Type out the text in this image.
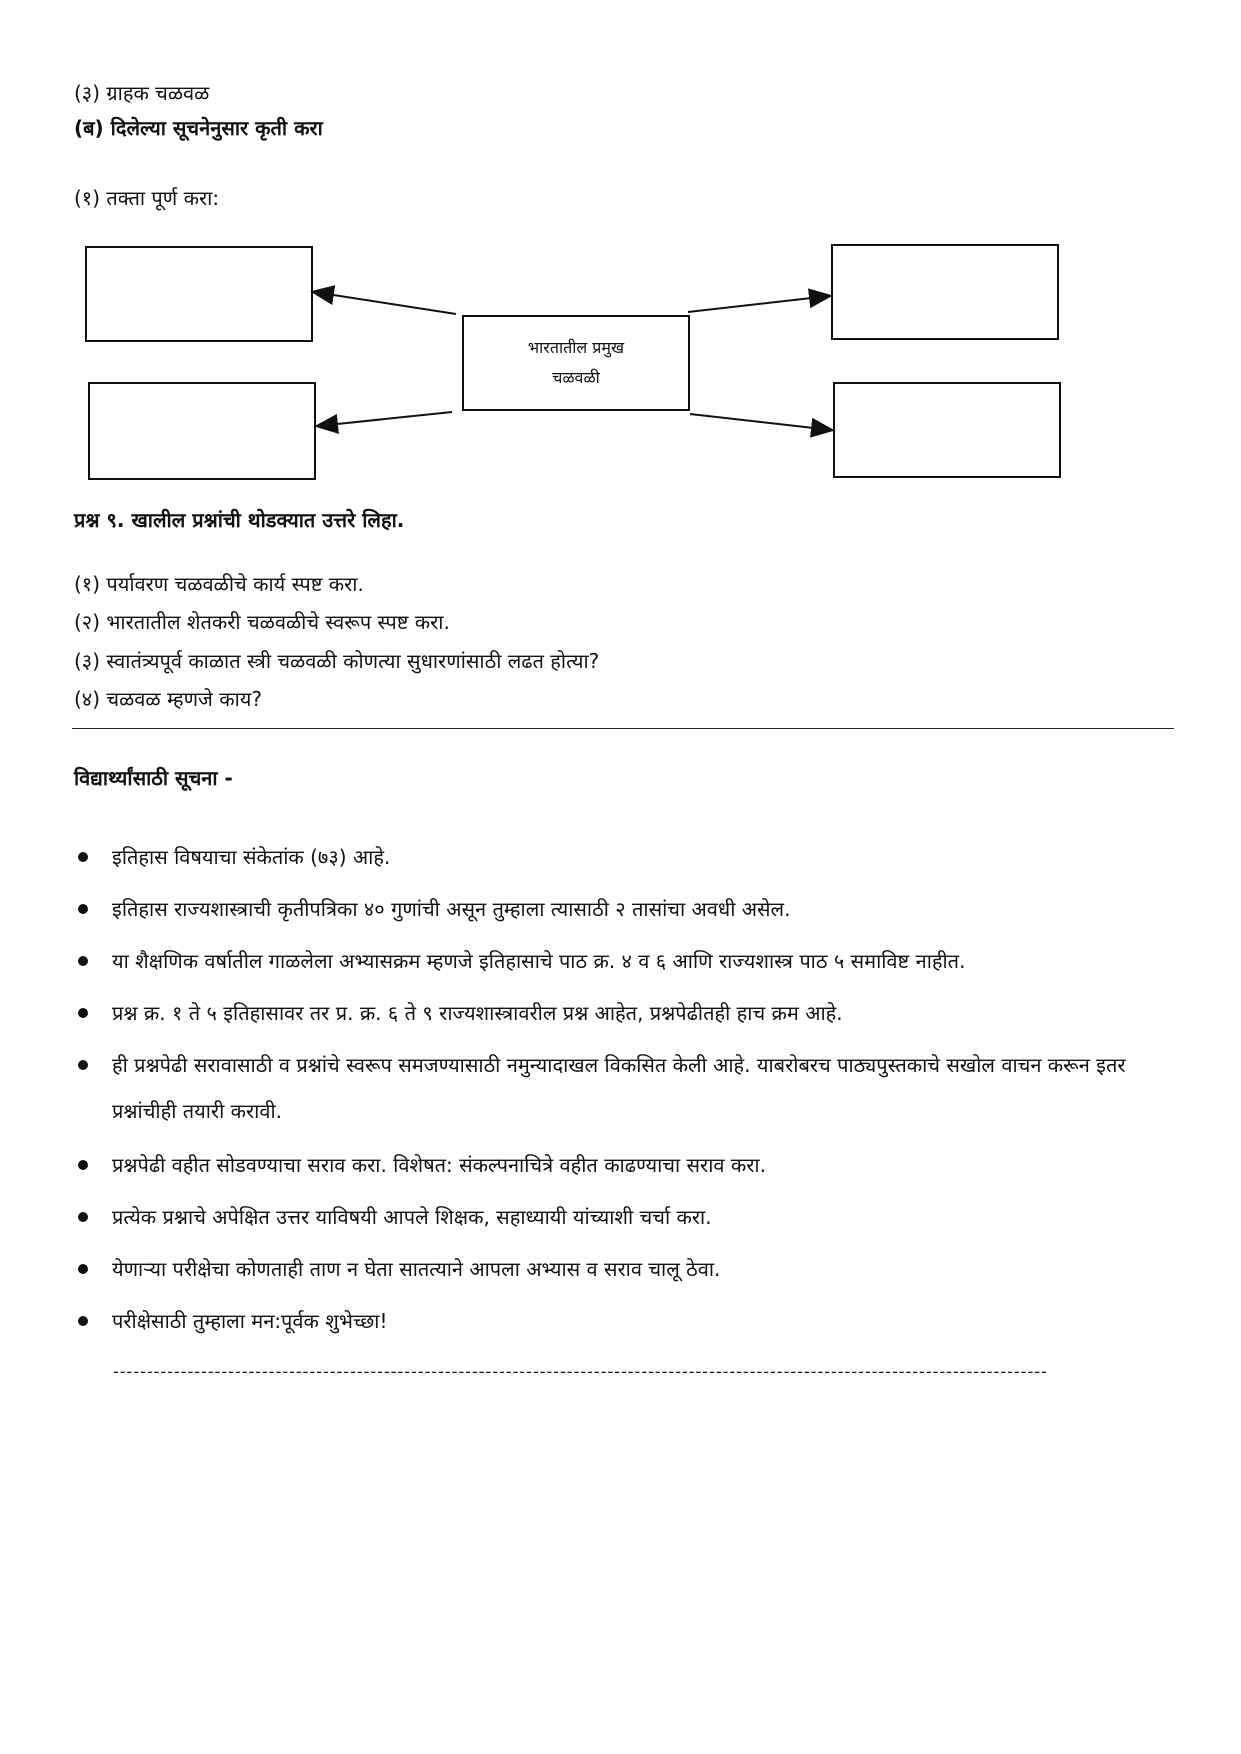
(३) ग्राहक चळवळ
(ब) दिलेल्या सूचनेनुसार कृती करा
(१) तक्ता पूर्ण करा:
भारतातील प्रमुख
चळवळी
प्रश्न ९. खालील प्रश्नांची थोडक्यात उत्तरे लिहा.
(१) पर्यावरण चळवळीचे कार्य स्पष्ट करा.
(२) भारतातील शेतकरी चळवळीचे स्वरूप स्पष्ट करा.
(३) स्वातंत्र्यपूर्व काळात स्त्री चळवळी कोणत्या सुधारणांसाठी लढत होत्या?
(४) चळवळ म्हणजे काय?
विद्यार्थ्यांसाठी सूचना -
इतिहास विषयाचा संकेतांक (७३) आहे.
इतिहास राज्यशास्त्राची कृतीपत्रिका ४० गुणांची असून तुम्हाला त्यासाठी २ तासांचा अवधी असेल.
या शैक्षणिक वर्षातील गाळलेला अभ्यासक्रम म्हणजे इतिहासाचे पाठ क्र. ४ व ६ आणि राज्यशास्त्र पाठ ५ समाविष्ट नाहीत.
प्रश्न क्र. १ ते ५ इतिहासावर तर प्र. क्र. ६ ते ९ राज्यशास्त्रावरील प्रश्न आहेत, प्रश्नपेढीतही हाच क्रम आहे.
ही प्रश्नपेढी सरावासाठी व प्रश्नांचे स्वरूप समजण्यासाठी नमुन्यादाखल विकसित केली आहे. याबरोबरच पाठ्यपुस्तकाचे सखोल वाचन करून इतर प्रश्नांचीही तयारी करावी.
प्रश्नपेढी वहीत सोडवण्याचा सराव करा. विशेषत: संकल्पनाचित्रे वहीत काढण्याचा सराव करा.
प्रत्येक प्रश्नाचे अपेक्षित उत्तर याविषयी आपले शिक्षक, सहाध्यायी यांच्याशी चर्चा करा.
येणाऱ्या परीक्षेचा कोणताही ताण न घेता सातत्याने आपला अभ्यास व सराव चालू ठेवा.
परीक्षेसाठी तुम्हाला मन:पूर्वक शुभेच्छा!
------------------------------------------------------------------------------------------------------------------------------------------
